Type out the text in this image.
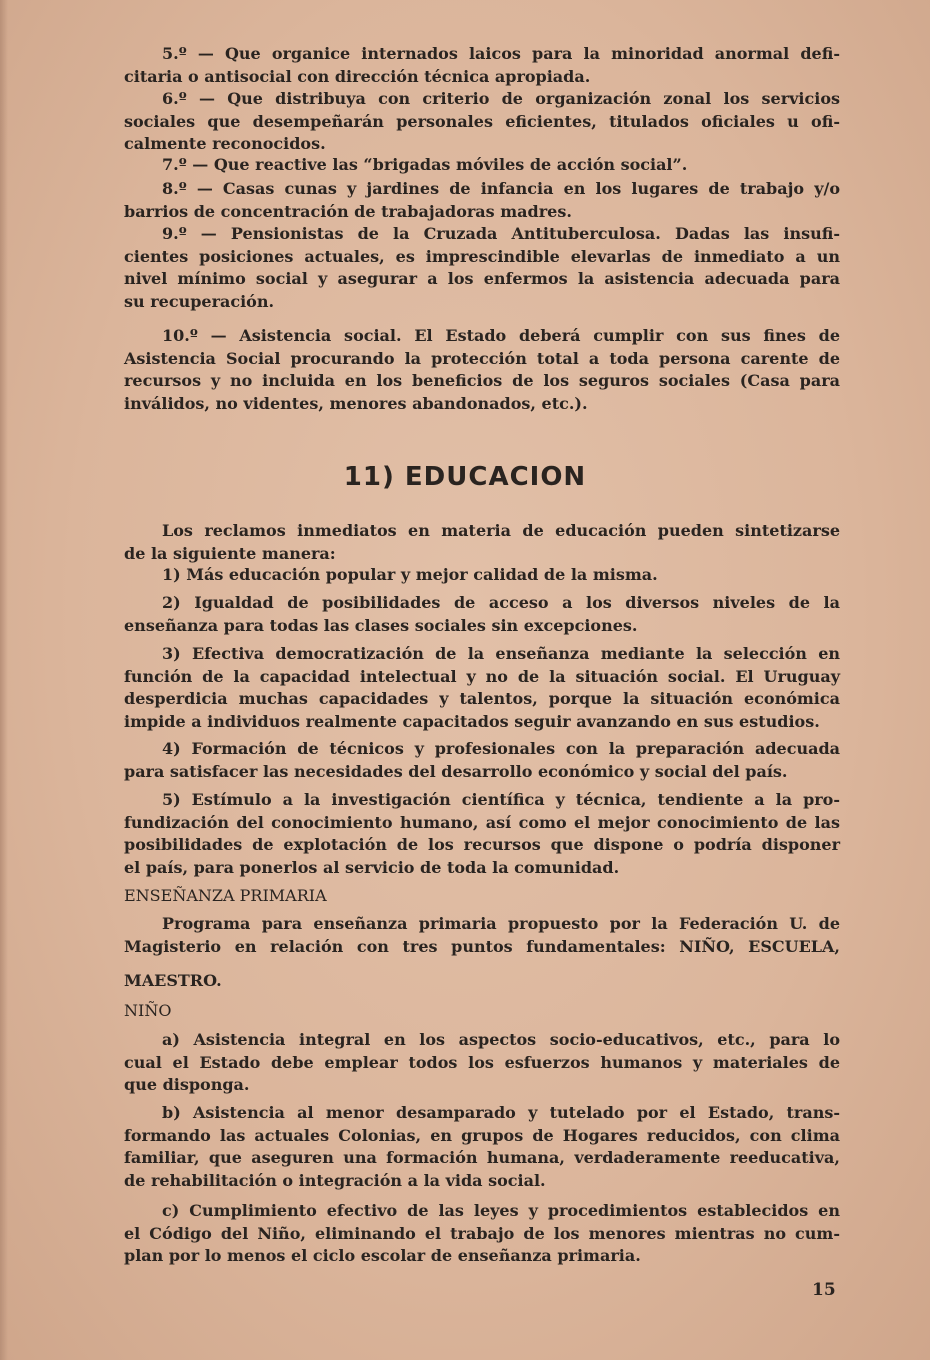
5.º — Que organice internados laicos para la minoridad anormal defi-

citaria o antisocial con dirección técnica apropiada.

6.º — Que distribuya con criterio de organización zonal los servicios

sociales que desempeñarán personales eficientes, titulados oficiales u ofi-

calmente reconocidos.

7.º — Que reactive las “brigadas móviles de acción social”.

8.º — Casas cunas y jardines de infancia en los lugares de trabajo y/o

barrios de concentración de trabajadoras madres.

9.º — Pensionistas de la Cruzada Antituberculosa. Dadas las insufi-

cientes posiciones actuales, es imprescindible elevarlas de inmediato a un

nivel mínimo social y asegurar a los enfermos la asistencia adecuada para

su recuperación.

10.º — Asistencia social. El Estado deberá cumplir con sus fines de

Asistencia Social procurando la protección total a toda persona carente de

recursos y no incluida en los beneficios de los seguros sociales (Casa para

inválidos, no videntes, menores abandonados, etc.).

11) EDUCACION

Los reclamos inmediatos en materia de educación pueden sintetizarse

de la siguiente manera:

1) Más educación popular y mejor calidad de la misma.

2) Igualdad de posibilidades de acceso a los diversos niveles de la

enseñanza para todas las clases sociales sin excepciones.

3) Efectiva democratización de la enseñanza mediante la selección en

función de la capacidad intelectual y no de la situación social. El Uruguay

desperdicia muchas capacidades y talentos, porque la situación económica

impide a individuos realmente capacitados seguir avanzando en sus estudios.

4) Formación de técnicos y profesionales con la preparación adecuada

para satisfacer las necesidades del desarrollo económico y social del país.

5) Estímulo a la investigación científica y técnica, tendiente a la pro-

fundización del conocimiento humano, así como el mejor conocimiento de las

posibilidades de explotación de los recursos que dispone o podría disponer

el país, para ponerlos al servicio de toda la comunidad.

ENSEÑANZA PRIMARIA

Programa para enseñanza primaria propuesto por la Federación U. de

Magisterio en relación con tres puntos fundamentales: NIÑO, ESCUELA,

MAESTRO.

NIÑO

a) Asistencia integral en los aspectos socio-educativos, etc., para lo

cual el Estado debe emplear todos los esfuerzos humanos y materiales de

que disponga.

b) Asistencia al menor desamparado y tutelado por el Estado, trans-

formando las actuales Colonias, en grupos de Hogares reducidos, con clima

familiar, que aseguren una formación humana, verdaderamente reeducativa,

de rehabilitación o integración a la vida social.

c) Cumplimiento efectivo de las leyes y procedimientos establecidos en

el Código del Niño, eliminando el trabajo de los menores mientras no cum-

plan por lo menos el ciclo escolar de enseñanza primaria.

15
